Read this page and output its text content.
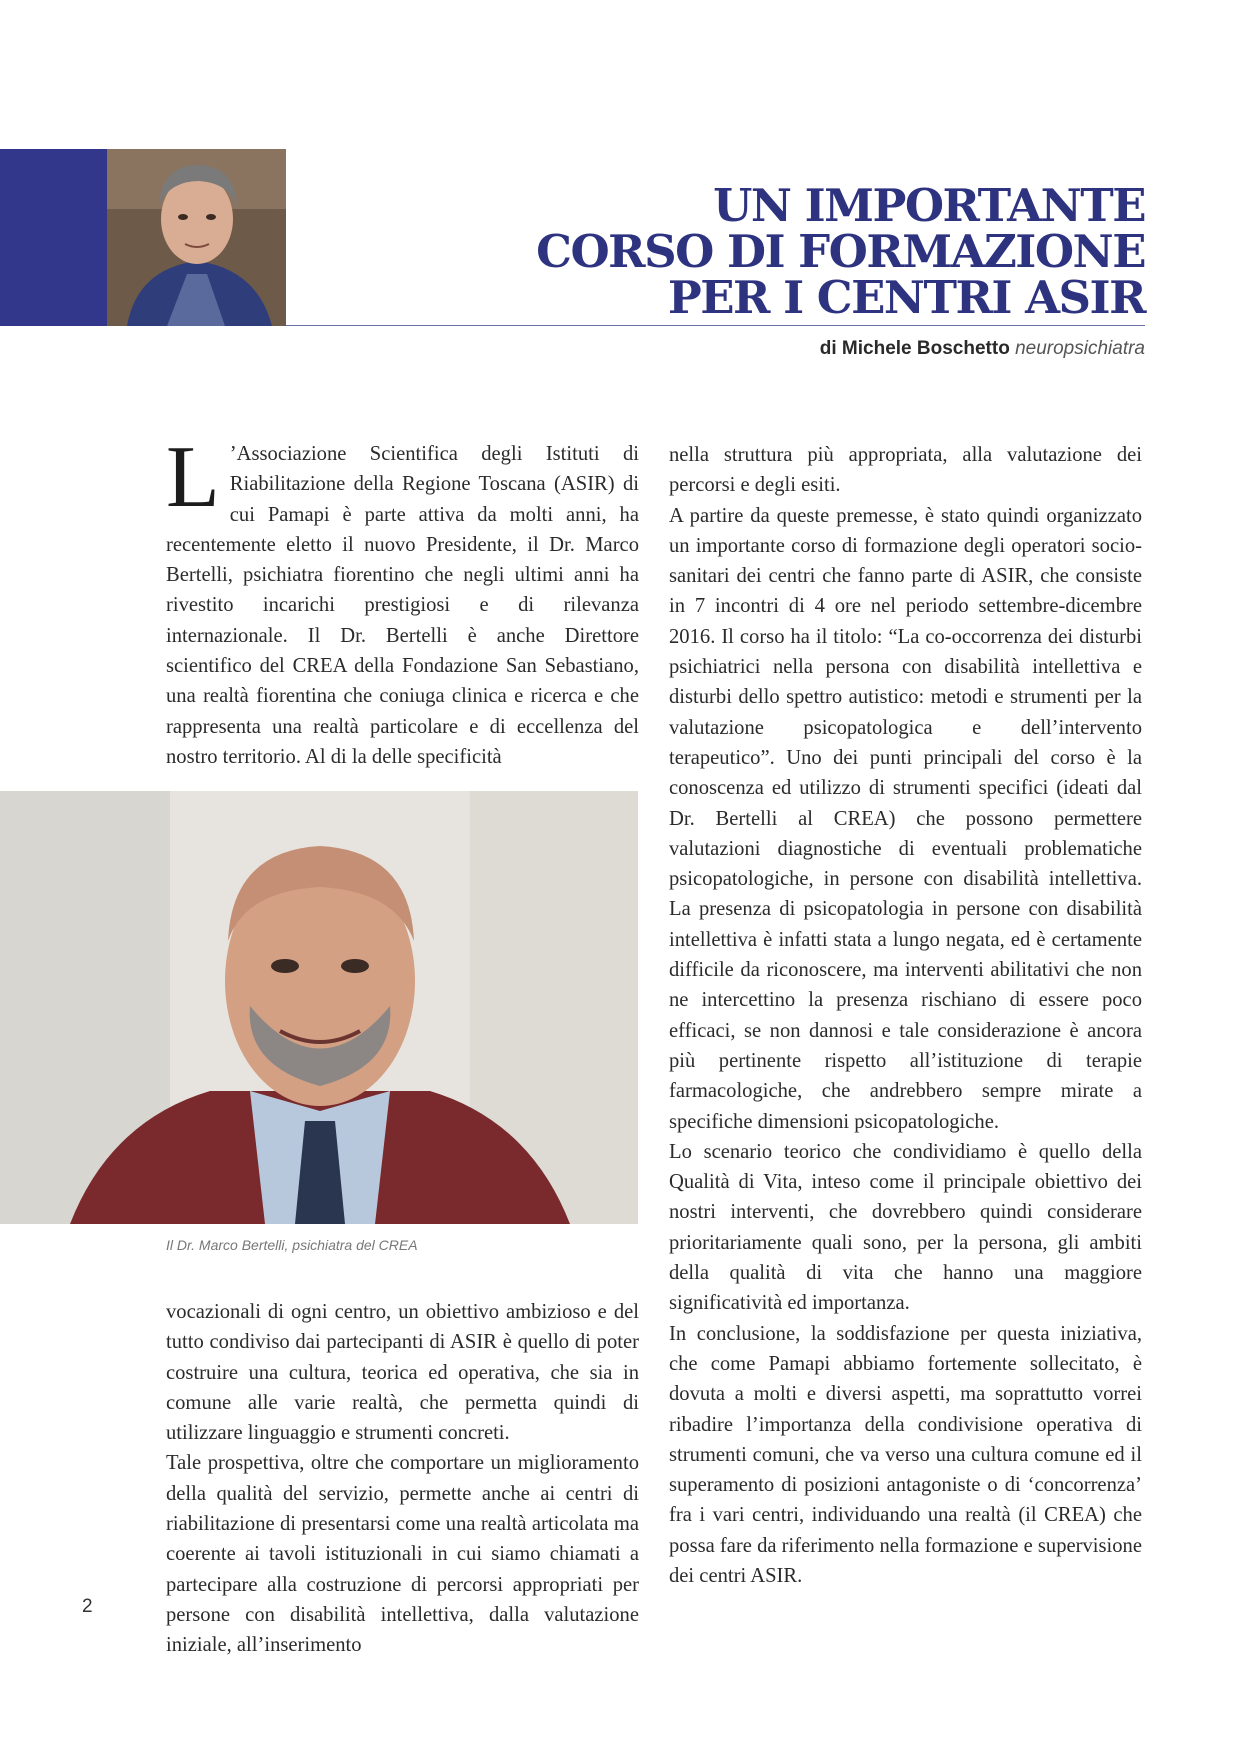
UN IMPORTANTE
CORSO DI FORMAZIONE
PER I CENTRI ASIR

di Michele Boschetto neuropsichiatra

L ’Associazione Scientifica degli Istituti di Riabilitazione della Regione Toscana (ASIR) di cui Pamapi è parte attiva da molti anni, ha recentemente eletto il nuovo Presidente, il Dr. Marco Bertelli, psichiatra fiorentino che negli ultimi anni ha rivestito incarichi prestigiosi e di rilevanza internazionale. Il Dr. Bertelli è anche Direttore scientifico del CREA della Fondazione San Sebastiano, una realtà fiorentina che coniuga clinica e ricerca e che rappresenta una realtà particolare e di eccellenza del nostro territorio. Al di la delle specificità

Il Dr. Marco Bertelli, psichiatra del CREA

vocazionali di ogni centro, un obiettivo ambizioso e del tutto condiviso dai partecipanti di ASIR è quello di poter costruire una cultura, teorica ed operativa, che sia in comune alle varie realtà, che permetta quindi di utilizzare linguaggio e strumenti concreti.

Tale prospettiva, oltre che comportare un miglioramento della qualità del servizio, permette anche ai centri di riabilitazione di presentarsi come una realtà articolata ma coerente ai tavoli istituzionali in cui siamo chiamati a partecipare alla costruzione di percorsi appropriati per persone con disabilità intellettiva, dalla valutazione iniziale, all’inserimento

nella struttura più appropriata, alla valutazione dei percorsi e degli esiti.

A partire da queste premesse, è stato quindi organizzato un importante corso di formazione degli operatori socio-sanitari dei centri che fanno parte di ASIR, che consiste in 7 incontri di 4 ore nel periodo settembre-dicembre 2016. Il corso ha il titolo: “La co-occorrenza dei disturbi psichiatrici nella persona con disabilità intellettiva e disturbi dello spettro autistico: metodi e strumenti per la valutazione psicopatologica e dell’intervento terapeutico”. Uno dei punti principali del corso è la conoscenza ed utilizzo di strumenti specifici (ideati dal Dr. Bertelli al CREA) che possono permettere valutazioni diagnostiche di eventuali problematiche psicopatologiche, in persone con disabilità intellettiva. La presenza di psicopatologia in persone con disabilità intellettiva è infatti stata a lungo negata, ed è certamente difficile da riconoscere, ma interventi abilitativi che non ne intercettino la presenza rischiano di essere poco efficaci, se non dannosi e tale considerazione è ancora più pertinente rispetto all’istituzione di terapie farmacologiche, che andrebbero sempre mirate a specifiche dimensioni psicopatologiche.

Lo scenario teorico che condividiamo è quello della Qualità di Vita, inteso come il principale obiettivo dei nostri interventi, che dovrebbero quindi considerare prioritariamente quali sono, per la persona, gli ambiti della qualità di vita che hanno una maggiore significatività ed importanza.

In conclusione, la soddisfazione per questa iniziativa, che come Pamapi abbiamo fortemente sollecitato, è dovuta a molti e diversi aspetti, ma soprattutto vorrei ribadire l’importanza della condivisione operativa di strumenti comuni, che va verso una cultura comune ed il superamento di posizioni antagoniste o di ‘concorrenza’ fra i vari centri, individuando una realtà (il CREA) che possa fare da riferimento nella formazione e supervisione dei centri ASIR.

2
